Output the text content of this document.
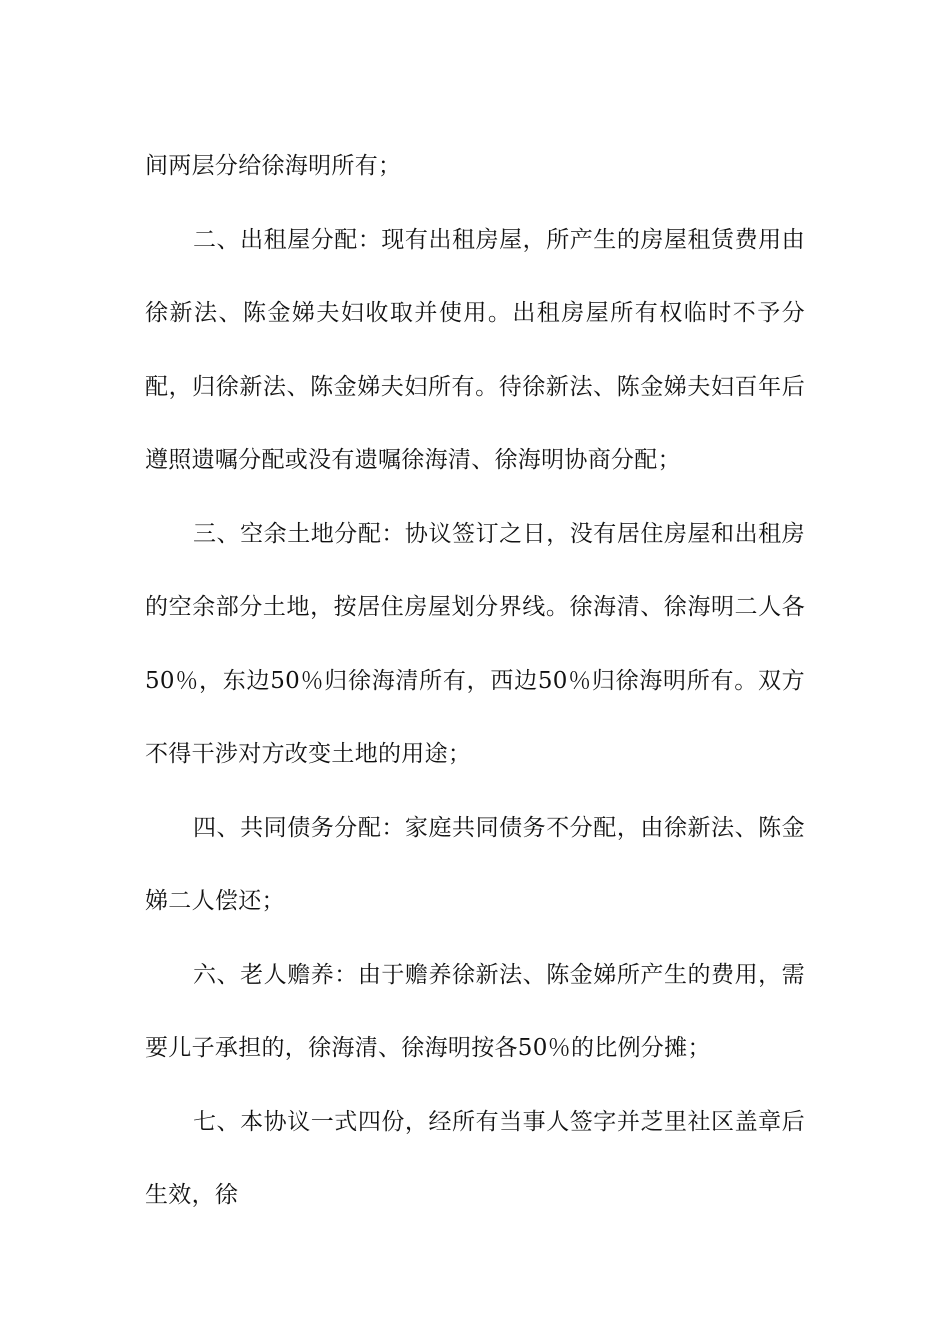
间两层分给徐海明所有；

二、出租屋分配：现有出租房屋，所产生的房屋租赁费用由徐新法、陈金娣夫妇收取并使用。出租房屋所有权临时不予分配，归徐新法、陈金娣夫妇所有。待徐新法、陈金娣夫妇百年后遵照遗嘱分配或没有遗嘱徐海清、徐海明协商分配；

三、空余土地分配：协议签订之日，没有居住房屋和出租房的空余部分土地，按居住房屋划分界线。徐海清、徐海明二人各50％，东边50％归徐海清所有，西边50％归徐海明所有。双方不得干涉对方改变土地的用途；

四、共同债务分配：家庭共同债务不分配，由徐新法、陈金娣二人偿还；

六、老人赡养：由于赡养徐新法、陈金娣所产生的费用，需要儿子承担的，徐海清、徐海明按各50％的比例分摊；

七、本协议一式四份，经所有当事人签字并芝里社区盖章后生效，徐
